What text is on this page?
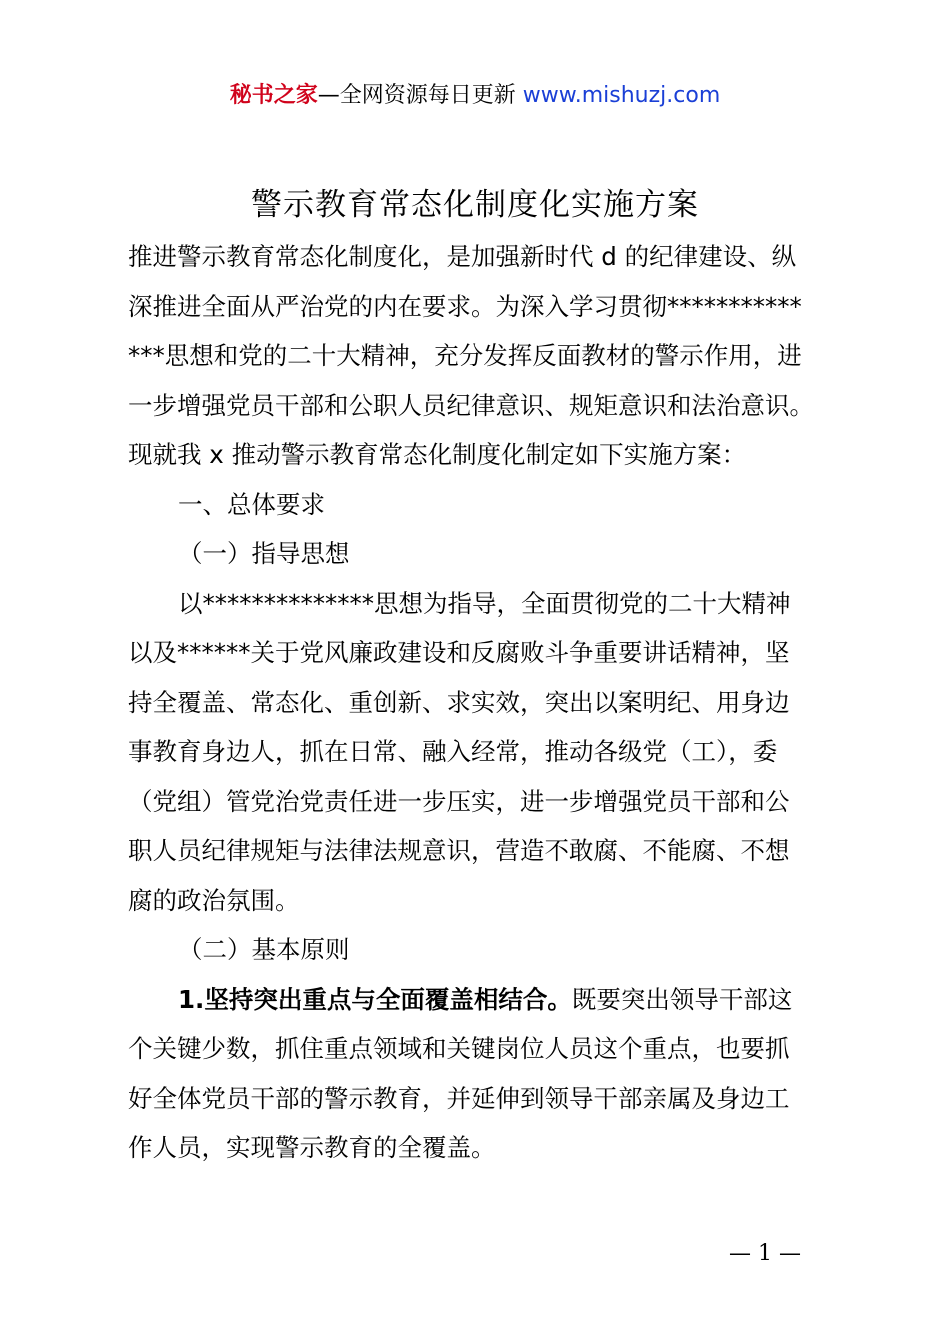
秘书之家—全网资源每日更新 www.mishuzj.com
警示教育常态化制度化实施方案

推进警示教育常态化制度化，是加强新时代 d 的纪律建设、纵
深推进全面从严治党的内在要求。为深入学习贯彻***********
***思想和党的二十大精神，充分发挥反面教材的警示作用，进
一步增强党员干部和公职人员纪律意识、规矩意识和法治意识。
现就我 x 推动警示教育常态化制度化制定如下实施方案：

一、总体要求

（一）指导思想

以**************思想为指导，全面贯彻党的二十大精神
以及******关于党风廉政建设和反腐败斗争重要讲话精神，坚
持全覆盖、常态化、重创新、求实效，突出以案明纪、用身边
事教育身边人，抓在日常、融入经常，推动各级党（工），委
（党组）管党治党责任进一步压实，进一步增强党员干部和公
职人员纪律规矩与法律法规意识，营造不敢腐、不能腐、不想
腐的政治氛围。

（二）基本原则

1.坚持突出重点与全面覆盖相结合。既要突出领导干部这
个关键少数，抓住重点领域和关键岗位人员这个重点，也要抓
好全体党员干部的警示教育，并延伸到领导干部亲属及身边工
作人员，实现警示教育的全覆盖。

— 1 —
